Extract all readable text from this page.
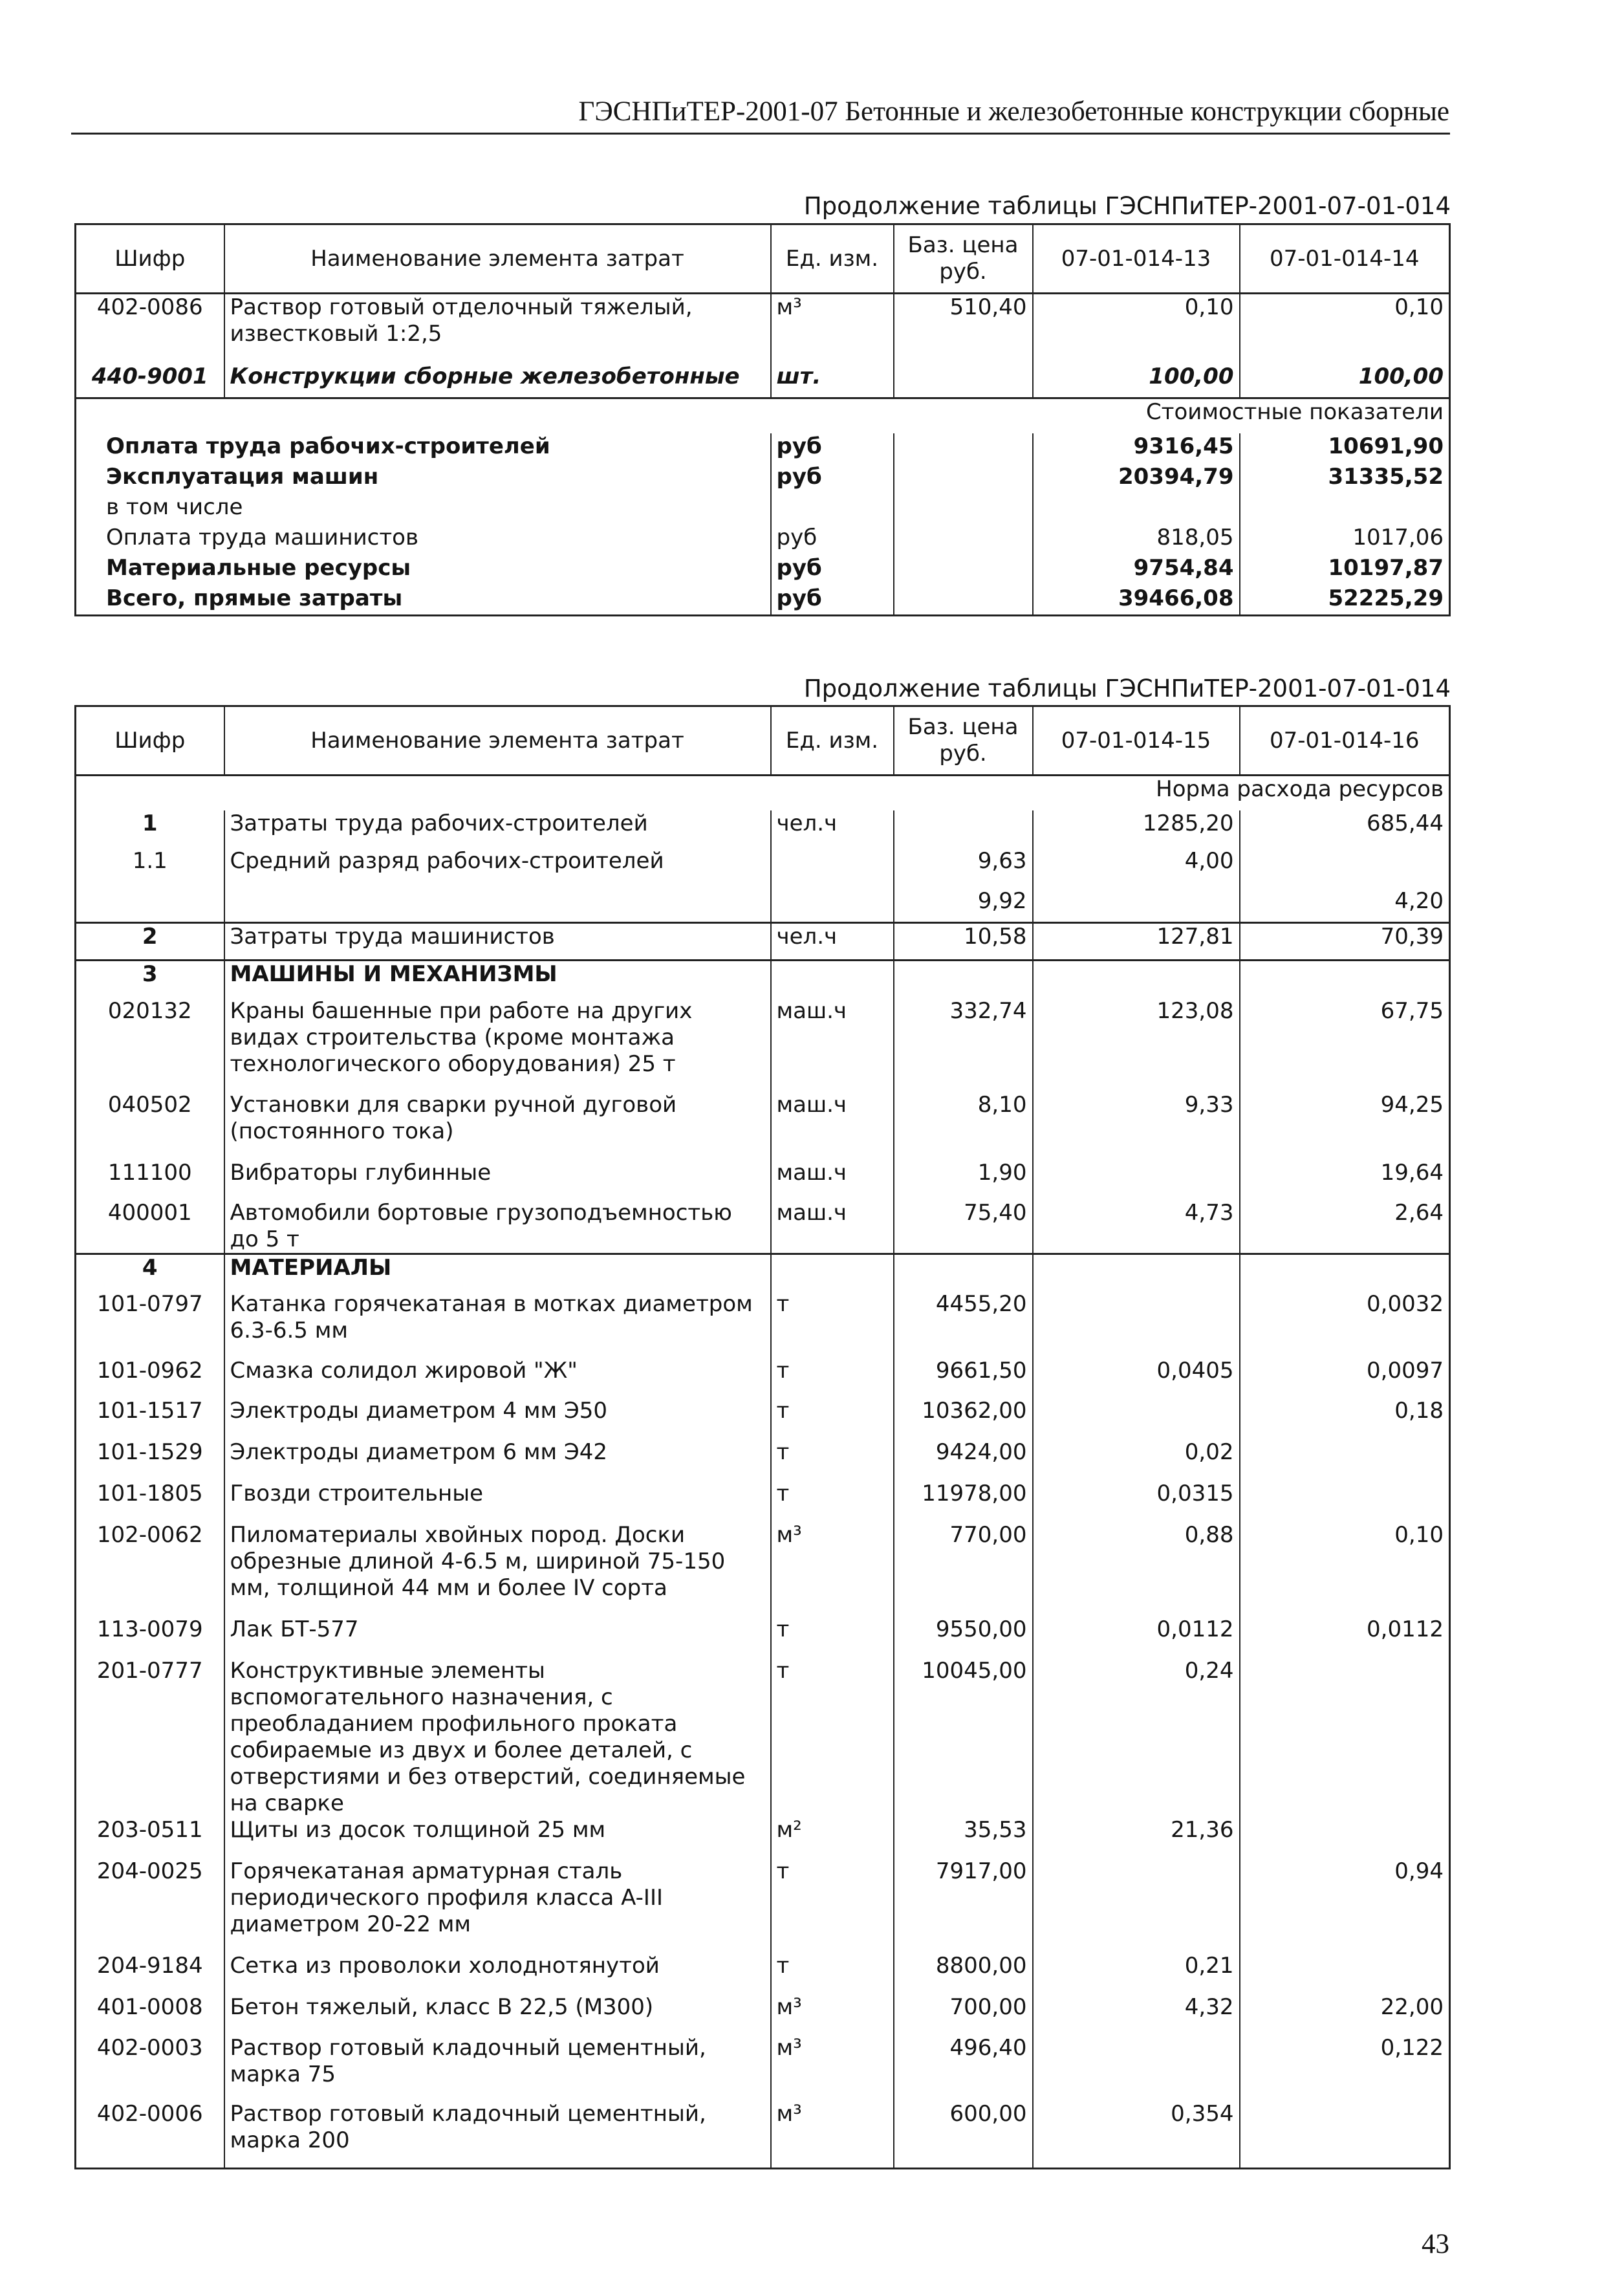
ГЭСНПиТЕР-2001-07 Бетонные и железобетонные конструкции сборные
Продолжение таблицы ГЭСНПиТЕР-2001-07-01-014
Шифр	Наименование элемента затрат	Ед. изм.	Баз. цена руб.	07-01-014-13	07-01-014-14
402-0086	Раствор готовый отделочный тяжелый, известковый 1:2,5	м³	510,40	0,10	0,10
440-9001	Конструкции сборные железобетонные	шт.		100,00	100,00
				Стоимостные показатели	
Оплата труда рабочих-строителей		руб		9316,45	10691,90
Эксплуатация машин		руб		20394,79	31335,52
в том числе					
Оплата труда машинистов		руб		818,05	1017,06
Материальные ресурсы		руб		9754,84	10197,87
Всего, прямые затраты		руб		39466,08	52225,29
Продолжение таблицы ГЭСНПиТЕР-2001-07-01-014
Шифр	Наименование элемента затрат	Ед. изм.	Баз. цена руб.	07-01-014-15	07-01-014-16
				Норма расхода ресурсов	
1	Затраты труда рабочих-строителей	чел.ч		1285,20	685,44
1.1	Средний разряд рабочих-строителей		9,63	4,00	
			9,92		4,20
2	Затраты труда машинистов	чел.ч	10,58	127,81	70,39
3	МАШИНЫ И МЕХАНИЗМЫ				
020132	Краны башенные при работе на других видах строительства (кроме монтажа технологического оборудования) 25 т	маш.ч	332,74	123,08	67,75
040502	Установки для сварки ручной дуговой (постоянного тока)	маш.ч	8,10	9,33	94,25
111100	Вибраторы глубинные	маш.ч	1,90		19,64
400001	Автомобили бортовые грузоподъемностью до 5 т	маш.ч	75,40	4,73	2,64
4	МАТЕРИАЛЫ				
101-0797	Катанка горячекатаная в мотках диаметром 6.3-6.5 мм	т	4455,20		0,0032
101-0962	Смазка солидол жировой "Ж"	т	9661,50	0,0405	0,0097
101-1517	Электроды диаметром 4 мм Э50	т	10362,00		0,18
101-1529	Электроды диаметром 6 мм Э42	т	9424,00	0,02	
101-1805	Гвозди строительные	т	11978,00	0,0315	
102-0062	Пиломатериалы хвойных пород. Доски обрезные длиной 4-6.5 м, шириной 75-150 мм, толщиной 44 мм и более IV сорта	м³	770,00	0,88	0,10
113-0079	Лак БТ-577	т	9550,00	0,0112	0,0112
201-0777	Конструктивные элементы вспомогательного назначения, с преобладанием профильного проката собираемые из двух и более деталей, с отверстиями и без отверстий, соединяемые на сварке	т	10045,00	0,24	
203-0511	Щиты из досок толщиной 25 мм	м²	35,53	21,36	
204-0025	Горячекатаная арматурная сталь периодического профиля класса A-III диаметром 20-22 мм	т	7917,00		0,94
204-9184	Сетка из проволоки холоднотянутой	т	8800,00	0,21	
401-0008	Бетон тяжелый, класс В 22,5 (М300)	м³	700,00	4,32	22,00
402-0003	Раствор готовый кладочный цементный, марка 75	м³	496,40		0,122
402-0006	Раствор готовый кладочный цементный, марка 200	м³	600,00	0,354	
43
